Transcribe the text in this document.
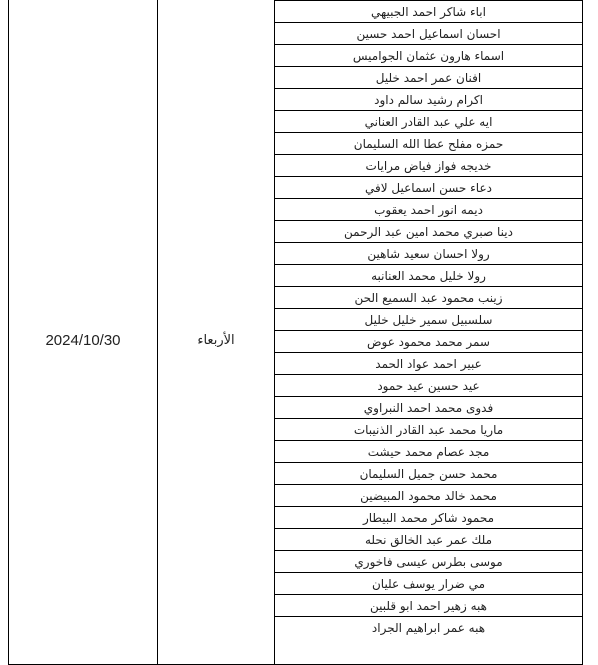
2024/10/30	الأربعاء
اباء شاكر احمد الجبيهي
احسان اسماعيل احمد حسين
اسماء هارون عثمان الجواميس
افنان عمر احمد خليل
اكرام رشيد سالم داود
ايه علي عبد القادر العناني
حمزه مفلح عطا الله السليمان
خديجه فواز فياض مرايات
دعاء حسن اسماعيل لافي
ديمه انور احمد يعقوب
دينا صبري محمد امين عبد الرحمن
رولا احسان سعيد شاهين
رولا خليل محمد العنانبه
زينب محمود عبد السميع الحن
سلسبيل سمير خليل خليل
سمر محمد محمود عوض
عبير احمد عواد الحمد
عيد حسين عيد حمود
فدوى محمد احمد النبراوي
ماريا محمد عبد القادر الذنيبات
مجد عصام محمد حيشت
محمد حسن جميل السليمان
محمد خالد محمود المبيضين
محمود شاكر محمد البيطار
ملك عمر عبد الخالق نحله
موسى بطرس عيسى فاخوري
مي ضرار يوسف عليان
هبه زهير احمد ابو قلبين
هبه عمر ابراهيم الجراد
